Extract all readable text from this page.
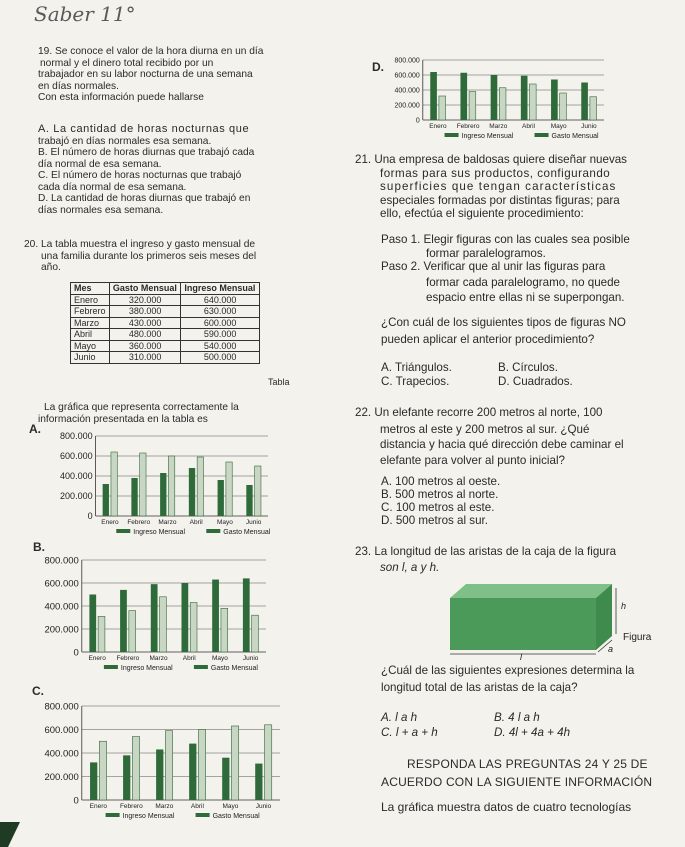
Saber 11°
19. Se conoce el valor de la hora diurna en un día
normal y el dinero total recibido por un
trabajador en su labor nocturna de una semana
en días normales.
Con esta información puede hallarse
A. La cantidad de horas nocturnas que
trabajó en días normales esa semana.
B. El número de horas diurnas que trabajó cada
día normal de esa semana.
C. El número de horas nocturnas que trabajó
cada día normal de esa semana.
D. La cantidad de horas diurnas que trabajó en
días normales esa semana.
20. La tabla muestra el ingreso y gasto mensual de
una familia durante los primeros seis meses del
año.
Mes	Gasto Mensual	Ingreso Mensual
Enero	320.000	640.000
Febrero	380.000	630.000
Marzo	430.000	600.000
Abril	480.000	590.000
Mayo	360.000	540.000
Junio	310.000	500.000
Tabla
La gráfica que representa correctamente la
información presentada en la tabla es
A.
B.
C.
D.
800.000
600.000
400.000
200.000
0
Enero Febrero Marzo Abril Mayo Junio
Ingreso Mensual	Gasto Mensual
800.000
600.000
400.000
200.000
0
Enero Febrero Marzo Abril Mayo Junio
Ingreso Mensual	Gasto Mensual
800.000
600.000
400.000
200.000
0
Enero Febrero Marzo	Abril	Mayo	Junio
Ingreso Mensual	Gasto Mensual
800.000
600.000
400.000
200.000
0
Enero Febrero Marzo Abril Mayo Junio
Ingreso Mensual	Gasto Mensual
21. Una empresa de baldosas quiere diseñar nuevas
formas para sus productos, configurando
superficies que tengan características
especiales formadas por distintas figuras; para
ello, efectúa el siguiente procedimiento:
Paso 1. Elegir figuras con las cuales sea posible
formar paralelogramos.
Paso 2. Verificar que al unir las figuras para
formar cada paralelogramo, no quede
espacio entre ellas ni se superpongan.
¿Con cuál de los siguientes tipos de figuras NO
pueden aplicar el anterior procedimiento?
A. Triángulos.	B. Círculos.
C. Trapecios.	D. Cuadrados.
22. Un elefante recorre 200 metros al norte, 100
metros al este y 200 metros al sur. ¿Qué
distancia y hacia qué dirección debe caminar el
elefante para volver al punto inicial?
A. 100 metros al oeste.
B. 500 metros al norte.
C. 100 metros al este.
D. 500 metros al sur.
23. La longitud de las aristas de la caja de la figura
son l, a y h.
h
a
l
Figura
¿Cuál de las siguientes expresiones determina la
longitud total de las aristas de la caja?
A. l a h	B. 4 l a h
C. l + a + h	D. 4l + 4a + 4h
RESPONDA LAS PREGUNTAS 24 Y 25 DE
ACUERDO CON LA SIGUIENTE INFORMACIÓN
La gráfica muestra datos de cuatro tecnologías
